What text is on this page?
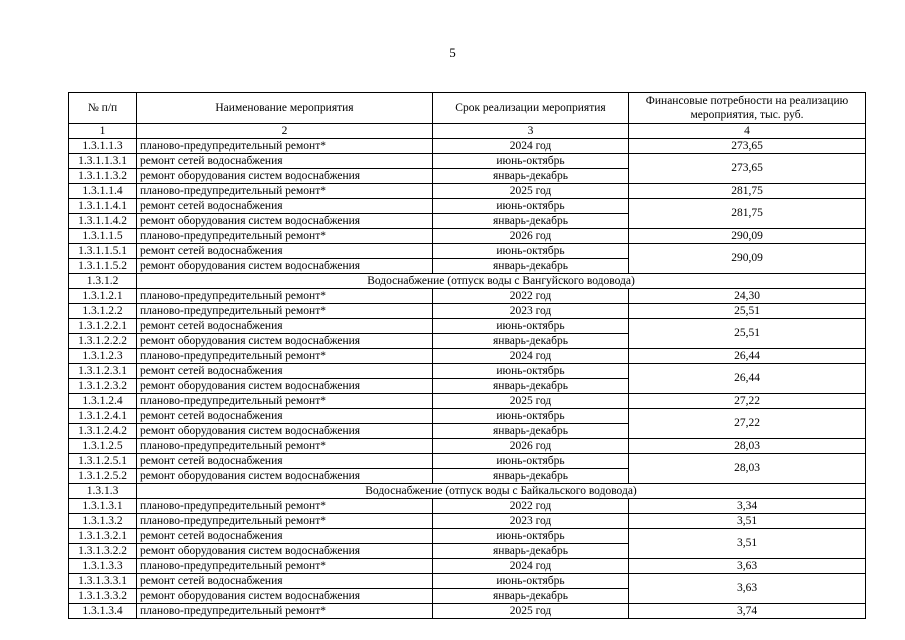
5
№ п/п	Наименование мероприятия	Срок реализации мероприятия	Финансовые потребности на реализацию мероприятия, тыс. руб.
1	2	3	4
1.3.1.1.3	планово-предупредительный ремонт*	2024 год	273,65
1.3.1.1.3.1	ремонт сетей водоснабжения	июнь-октябрь	273,65
1.3.1.1.3.2	ремонт оборудования систем водоснабжения	январь-декабрь	
1.3.1.1.4	планово-предупредительный ремонт*	2025 год	281,75
1.3.1.1.4.1	ремонт сетей водоснабжения	июнь-октябрь	281,75
1.3.1.1.4.2	ремонт оборудования систем водоснабжения	январь-декабрь	
1.3.1.1.5	планово-предупредительный ремонт*	2026 год	290,09
1.3.1.1.5.1	ремонт сетей водоснабжения	июнь-октябрь	290,09
1.3.1.1.5.2	ремонт оборудования систем водоснабжения	январь-декабрь	
1.3.1.2	Водоснабжение (отпуск воды с Вангуйского водовода)		
1.3.1.2.1	планово-предупредительный ремонт*	2022 год	24,30
1.3.1.2.2	планово-предупредительный ремонт*	2023 год	25,51
1.3.1.2.2.1	ремонт сетей водоснабжения	июнь-октябрь	25,51
1.3.1.2.2.2	ремонт оборудования систем водоснабжения	январь-декабрь	
1.3.1.2.3	планово-предупредительный ремонт*	2024 год	26,44
1.3.1.2.3.1	ремонт сетей водоснабжения	июнь-октябрь	26,44
1.3.1.2.3.2	ремонт оборудования систем водоснабжения	январь-декабрь	
1.3.1.2.4	планово-предупредительный ремонт*	2025 год	27,22
1.3.1.2.4.1	ремонт сетей водоснабжения	июнь-октябрь	27,22
1.3.1.2.4.2	ремонт оборудования систем водоснабжения	январь-декабрь	
1.3.1.2.5	планово-предупредительный ремонт*	2026 год	28,03
1.3.1.2.5.1	ремонт сетей водоснабжения	июнь-октябрь	28,03
1.3.1.2.5.2	ремонт оборудования систем водоснабжения	январь-декабрь	
1.3.1.3	Водоснабжение (отпуск воды с Байкальского водовода)		
1.3.1.3.1	планово-предупредительный ремонт*	2022 год	3,34
1.3.1.3.2	планово-предупредительный ремонт*	2023 год	3,51
1.3.1.3.2.1	ремонт сетей водоснабжения	июнь-октябрь	3,51
1.3.1.3.2.2	ремонт оборудования систем водоснабжения	январь-декабрь	
1.3.1.3.3	планово-предупредительный ремонт*	2024 год	3,63
1.3.1.3.3.1	ремонт сетей водоснабжения	июнь-октябрь	3,63
1.3.1.3.3.2	ремонт оборудования систем водоснабжения	январь-декабрь	
1.3.1.3.4	планово-предупредительный ремонт*	2025 год	3,74
